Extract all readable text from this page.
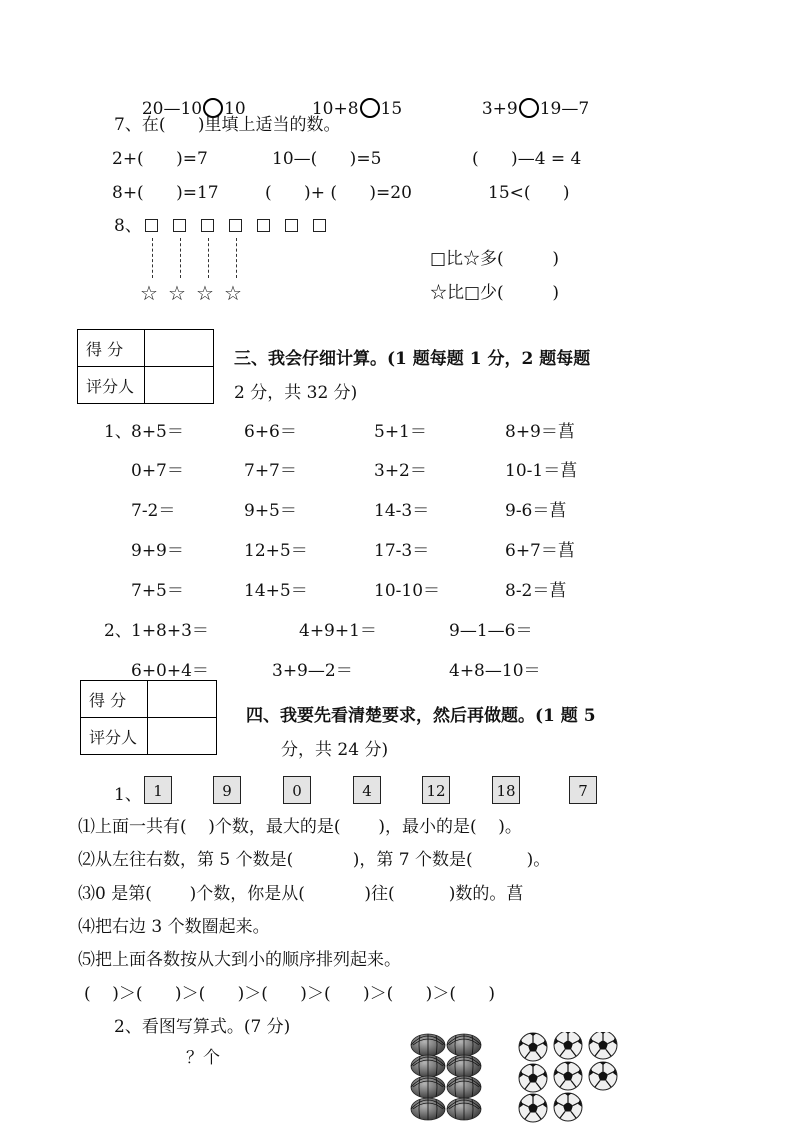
20—10 10	10+8 15	3+9 19—7

7、在(      )里填上适当的数。
2+(      )=7	10—(      )=5	(      )—4 = 4
8+(      )=17	(      )+ (      )=20	15<(      )
8、
☆ ☆ ☆ ☆
□比☆多(         )
☆比□少(         )
得 分	
评分人	
三、我会仔细计算。(1 题每题 1 分，2 题每题
2 分，共 32 分)
1、 8+5＝	6+6＝	5+1＝	8+9＝菖
0+7＝	7+7＝	3+2＝	10-1＝菖
7-2＝	9+5＝	14-3＝	9-6＝菖
9+9＝	12+5＝	17-3＝	6+7＝菖
7+5＝	14+5＝	10-10＝	8-2＝菖
2、 1+8+3＝	4+9+1＝	9—1—6＝
6+0+4＝	3+9—2＝	4+8—10＝
得 分	
评分人	
四、我要先看清楚要求，然后再做题。(1 题 5
分，共 24 分)
1、 1	9	0	4	12	18	7
⑴上面一共有(    )个数，最大的是(       )，最小的是(    )。
⑵从左往右数，第 5 个数是(           )，第 7 个数是(          )。
⑶0 是第(       )个数，你是从(           )往(          )数的。菖
⑷把右边 3 个数圈起来。
⑸把上面各数按从大到小的顺序排列起来。
(    )＞(      )＞(      )＞(      )＞(      )＞(      )＞(      )
2、看图写算式。(7 分)
？个
